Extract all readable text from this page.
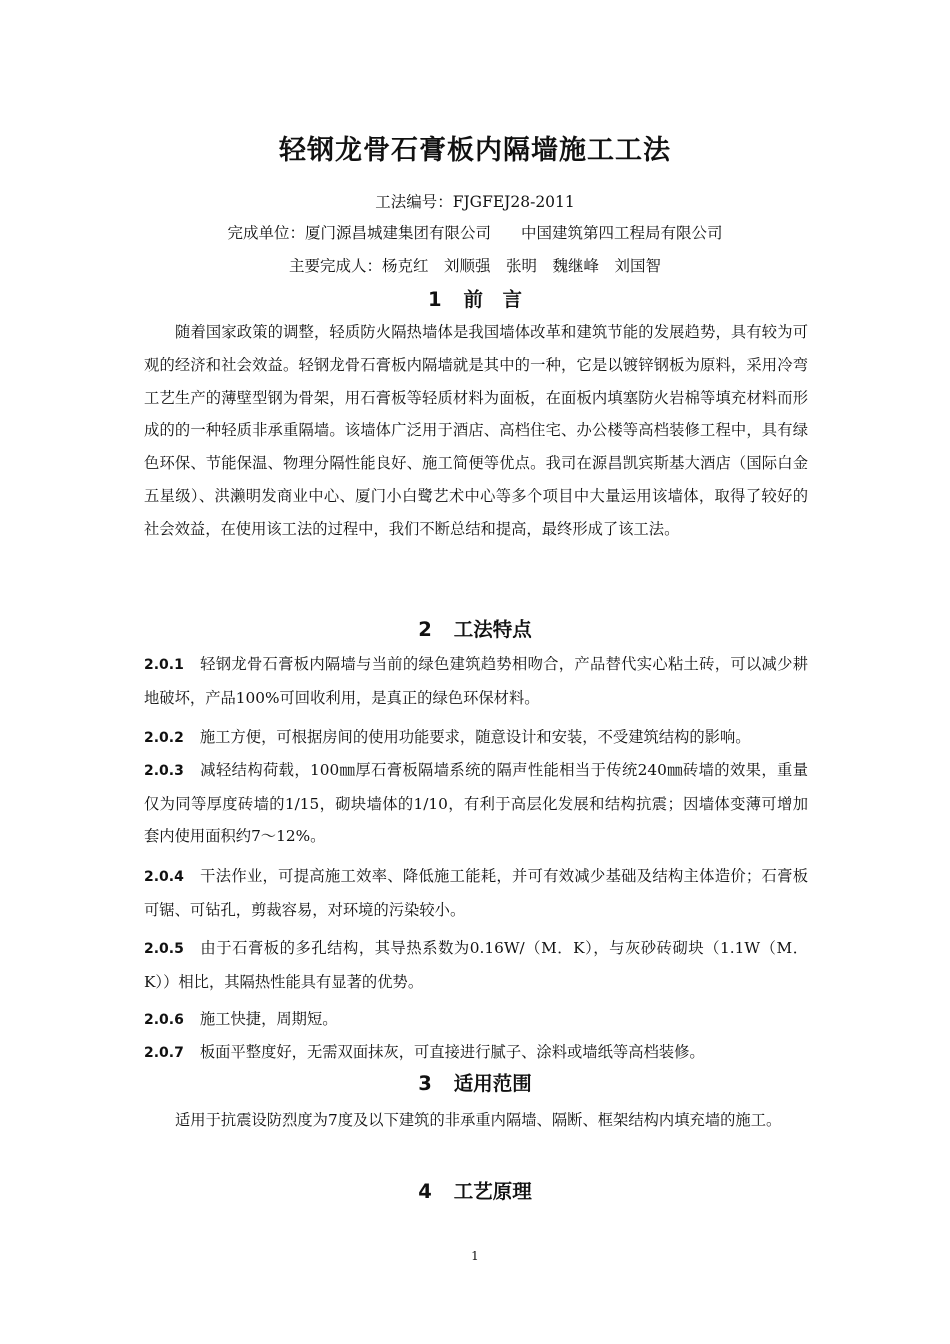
轻钢龙骨石膏板内隔墙施工工法
工法编号：FJGFEJ28-2011
完成单位：厦门源昌城建集团有限公司 中国建筑第四工程局有限公司
主要完成人：杨克红　刘顺强　张明　魏继峰　刘国智
1 前　言
随着国家政策的调整，轻质防火隔热墙体是我国墙体改革和建筑节能的发展趋势，具有较为可观的经济和社会效益。轻钢龙骨石膏板内隔墙就是其中的一种，它是以镀锌钢板为原料，采用冷弯工艺生产的薄壁型钢为骨架，用石膏板等轻质材料为面板，在面板内填塞防火岩棉等填充材料而形成的的一种轻质非承重隔墙。该墙体广泛用于酒店、高档住宅、办公楼等高档装修工程中，具有绿色环保、节能保温、物理分隔性能良好、施工简便等优点。我司在源昌凯宾斯基大酒店（国际白金五星级）、洪濑明发商业中心、厦门小白鹭艺术中心等多个项目中大量运用该墙体，取得了较好的社会效益，在使用该工法的过程中，我们不断总结和提高，最终形成了该工法。
2 工法特点
2.0.1 轻钢龙骨石膏板内隔墙与当前的绿色建筑趋势相吻合，产品替代实心粘土砖，可以减少耕地破坏，产品100%可回收利用，是真正的绿色环保材料。
2.0.2 施工方便，可根据房间的使用功能要求，随意设计和安装，不受建筑结构的影响。
2.0.3 减轻结构荷载，100㎜厚石膏板隔墙系统的隔声性能相当于传统240㎜砖墙的效果，重量仅为同等厚度砖墙的1/15，砌块墙体的1/10，有利于高层化发展和结构抗震；因墙体变薄可增加套内使用面积约7～12%。
2.0.4 干法作业，可提高施工效率、降低施工能耗，并可有效减少基础及结构主体造价；石膏板可锯、可钻孔，剪裁容易，对环境的污染较小。
2.0.5 由于石膏板的多孔结构，其导热系数为0.16W/（M．K），与灰砂砖砌块（1.1W（M．K））相比，其隔热性能具有显著的优势。
2.0.6 施工快捷，周期短。
2.0.7 板面平整度好，无需双面抹灰，可直接进行腻子、涂料或墙纸等高档装修。
3 适用范围
适用于抗震设防烈度为7度及以下建筑的非承重内隔墙、隔断、框架结构内填充墙的施工。
4 工艺原理
1
